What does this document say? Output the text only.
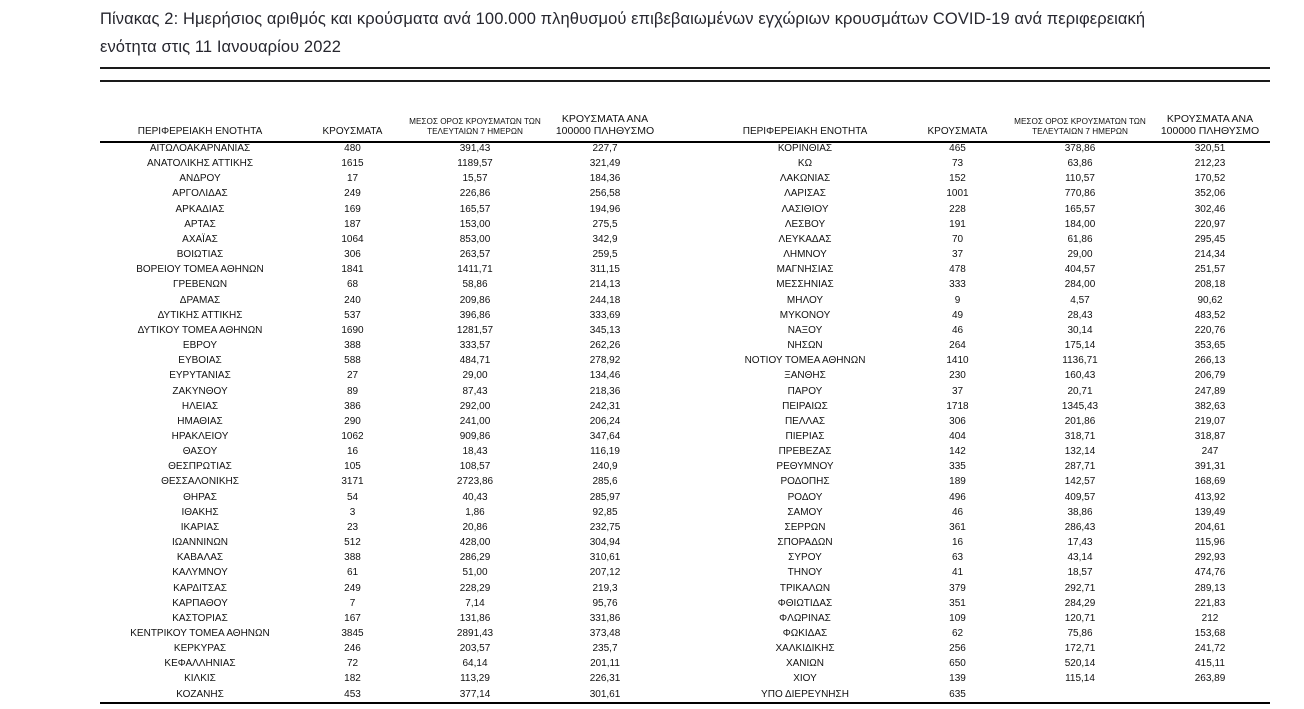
Πίνακας 2: Ημερήσιος αριθμός και κρούσματα ανά 100.000 πληθυσμού επιβεβαιωμένων εγχώριων κρουσμάτων COVID-19 ανά περιφερειακή
ενότητα στις 11 Ιανουαρίου 2022
ΠΕΡΙΦΕΡΕΙΑΚΗ ΕΝΟΤΗΤΑ	ΚΡΟΥΣΜΑΤΑ	ΜΕΣΟΣ ΟΡΟΣ ΚΡΟΥΣΜΑΤΩΝ ΤΩΝ ΤΕΛΕΥΤΑΙΩΝ 7 ΗΜΕΡΩΝ	ΚΡΟΥΣΜΑΤΑ ΑΝΑ 100000 ΠΛΗΘΥΣΜΟ
ΑΙΤΩΛΟΑΚΑΡΝΑΝΙΑΣ	480	391,43	227,7
ΑΝΑΤΟΛΙΚΗΣ ΑΤΤΙΚΗΣ	1615	1189,57	321,49
ΑΝΔΡΟΥ	17	15,57	184,36
ΑΡΓΟΛΙΔΑΣ	249	226,86	256,58
ΑΡΚΑΔΙΑΣ	169	165,57	194,96
ΑΡΤΑΣ	187	153,00	275,5
ΑΧΑΪΑΣ	1064	853,00	342,9
ΒΟΙΩΤΙΑΣ	306	263,57	259,5
ΒΟΡΕΙΟΥ ΤΟΜΕΑ ΑΘΗΝΩΝ	1841	1411,71	311,15
ΓΡΕΒΕΝΩΝ	68	58,86	214,13
ΔΡΑΜΑΣ	240	209,86	244,18
ΔΥΤΙΚΗΣ ΑΤΤΙΚΗΣ	537	396,86	333,69
ΔΥΤΙΚΟΥ ΤΟΜΕΑ ΑΘΗΝΩΝ	1690	1281,57	345,13
ΕΒΡΟΥ	388	333,57	262,26
ΕΥΒΟΙΑΣ	588	484,71	278,92
ΕΥΡΥΤΑΝΙΑΣ	27	29,00	134,46
ΖΑΚΥΝΘΟΥ	89	87,43	218,36
ΗΛΕΙΑΣ	386	292,00	242,31
ΗΜΑΘΙΑΣ	290	241,00	206,24
ΗΡΑΚΛΕΙΟΥ	1062	909,86	347,64
ΘΑΣΟΥ	16	18,43	116,19
ΘΕΣΠΡΩΤΙΑΣ	105	108,57	240,9
ΘΕΣΣΑΛΟΝΙΚΗΣ	3171	2723,86	285,6
ΘΗΡΑΣ	54	40,43	285,97
ΙΘΑΚΗΣ	3	1,86	92,85
ΙΚΑΡΙΑΣ	23	20,86	232,75
ΙΩΑΝΝΙΝΩΝ	512	428,00	304,94
ΚΑΒΑΛΑΣ	388	286,29	310,61
ΚΑΛΥΜΝΟΥ	61	51,00	207,12
ΚΑΡΔΙΤΣΑΣ	249	228,29	219,3
ΚΑΡΠΑΘΟΥ	7	7,14	95,76
ΚΑΣΤΟΡΙΑΣ	167	131,86	331,86
ΚΕΝΤΡΙΚΟΥ ΤΟΜΕΑ ΑΘΗΝΩΝ	3845	2891,43	373,48
ΚΕΡΚΥΡΑΣ	246	203,57	235,7
ΚΕΦΑΛΛΗΝΙΑΣ	72	64,14	201,11
ΚΙΛΚΙΣ	182	113,29	226,31
ΚΟΖΑΝΗΣ	453	377,14	301,61
ΠΕΡΙΦΕΡΕΙΑΚΗ ΕΝΟΤΗΤΑ	ΚΡΟΥΣΜΑΤΑ	ΜΕΣΟΣ ΟΡΟΣ ΚΡΟΥΣΜΑΤΩΝ ΤΩΝ ΤΕΛΕΥΤΑΙΩΝ 7 ΗΜΕΡΩΝ	ΚΡΟΥΣΜΑΤΑ ΑΝΑ 100000 ΠΛΗΘΥΣΜΟ
ΚΟΡΙΝΘΙΑΣ	465	378,86	320,51
ΚΩ	73	63,86	212,23
ΛΑΚΩΝΙΑΣ	152	110,57	170,52
ΛΑΡΙΣΑΣ	1001	770,86	352,06
ΛΑΣΙΘΙΟΥ	228	165,57	302,46
ΛΕΣΒΟΥ	191	184,00	220,97
ΛΕΥΚΑΔΑΣ	70	61,86	295,45
ΛΗΜΝΟΥ	37	29,00	214,34
ΜΑΓΝΗΣΙΑΣ	478	404,57	251,57
ΜΕΣΣΗΝΙΑΣ	333	284,00	208,18
ΜΗΛΟΥ	9	4,57	90,62
ΜΥΚΟΝΟΥ	49	28,43	483,52
ΝΑΞΟΥ	46	30,14	220,76
ΝΗΣΩΝ	264	175,14	353,65
ΝΟΤΙΟΥ ΤΟΜΕΑ ΑΘΗΝΩΝ	1410	1136,71	266,13
ΞΑΝΘΗΣ	230	160,43	206,79
ΠΑΡΟΥ	37	20,71	247,89
ΠΕΙΡΑΙΩΣ	1718	1345,43	382,63
ΠΕΛΛΑΣ	306	201,86	219,07
ΠΙΕΡΙΑΣ	404	318,71	318,87
ΠΡΕΒΕΖΑΣ	142	132,14	247
ΡΕΘΥΜΝΟΥ	335	287,71	391,31
ΡΟΔΟΠΗΣ	189	142,57	168,69
ΡΟΔΟΥ	496	409,57	413,92
ΣΑΜΟΥ	46	38,86	139,49
ΣΕΡΡΩΝ	361	286,43	204,61
ΣΠΟΡΑΔΩΝ	16	17,43	115,96
ΣΥΡΟΥ	63	43,14	292,93
ΤΗΝΟΥ	41	18,57	474,76
ΤΡΙΚΑΛΩΝ	379	292,71	289,13
ΦΘΙΩΤΙΔΑΣ	351	284,29	221,83
ΦΛΩΡΙΝΑΣ	109	120,71	212
ΦΩΚΙΔΑΣ	62	75,86	153,68
ΧΑΛΚΙΔΙΚΗΣ	256	172,71	241,72
ΧΑΝΙΩΝ	650	520,14	415,11
ΧΙΟΥ	139	115,14	263,89
ΥΠΟ ΔΙΕΡΕΥΝΗΣΗ	635		
